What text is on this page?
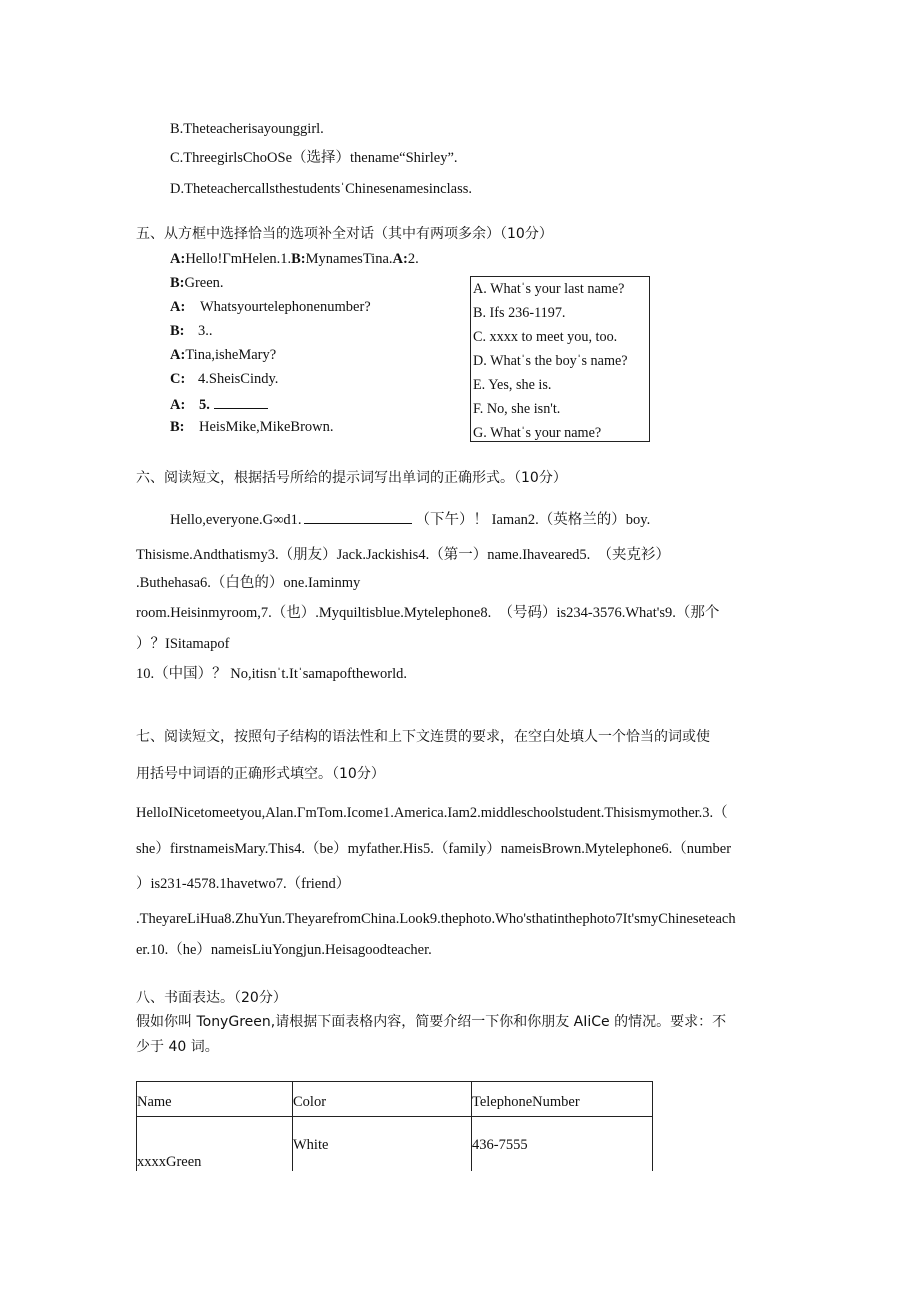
B.Theteacherisayounggirl.
C.ThreegirlsChoOSe（选择）thename“Shirley”.
D.TheteachercallsthestudentsˈChinesenamesinclass.
五、从方框中选择恰当的选项补全对话（其中有两项多余）（10分）
A:Hello!ΓmHelen.1.B:MynamesTina.A:2.
B:Green.
A: Whatsyourtelephonenumber?
B: 3..
A:Tina,isheMary?
C: 4.SheisCindy.
A: 5.
B: HeisMike,MikeBrown.
A. Whatˈs your last name?
B. Ifs 236-1197.
C. xxxx to meet you, too.
D. Whatˈs the boyˈs name?
E. Yes, she is.
F. No, she isn't.
G. Whatˈs your name?
六、阅读短文，根据括号所给的提示词写出单词的正确形式。（10分）
Hello,everyone.G∞d1.	（下午）！ Iaman2.（英格兰的）boy.
Thisisme.Andthatismy3.（朋友）Jack.Jackishis4.（第一）name.Ihaveared5.　（夹克衫）
.Buthehasa6.（白色的）one.Iaminmy
room.Heisinmyroom,7.（也）.Myquiltisblue.Mytelephone8.　（号码）is234-3576.What's9.（那个
）？ISitamapof
10.（中国）？ No,itisnˈt.Itˈsamapoftheworld.
七、阅读短文，按照句子结构的语法性和上下文连贯的要求，在空白处填人一个恰当的词或使
用括号中词语的正确形式填空。（10分）
HelloINicetomeetyou,Alan.ΓmTom.Icome1.America.Iam2.middleschoolstudent.Thisismymother.3.（
she）firstnameisMary.This4.（be）myfather.His5.（family）nameisBrown.Mytelephone6.（number
）is231-4578.1havetwo7.（friend）
.TheyareLiHua8.ZhuYun.TheyarefromChina.Look9.thephoto.Who'sthatinthephoto7It'smyChineseteach
er.10.（he）nameisLiuYongjun.Heisagoodteacher.
八、书面表达。（20分）
假如你叫 TonyGreen,请根据下面表格内容，简要介绍一下你和你朋友 AIiCe 的情况。要求：不
少于 40 词。
Name	Color	TelephoneNumber

xxxxGreen	White	436-7555
